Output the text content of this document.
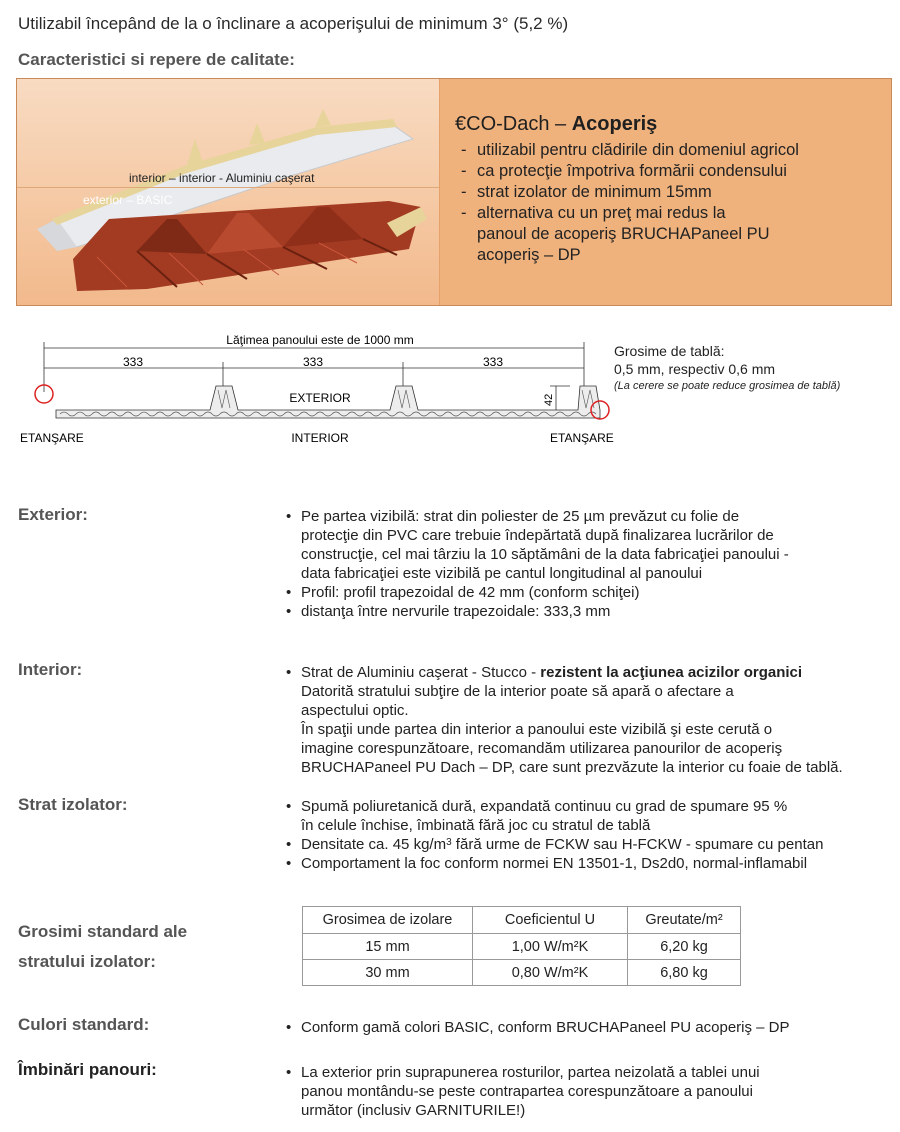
Utilizabil începând de la o înclinare a acoperişului de minimum 3° (5,2 %)
Caracteristici si repere de calitate:
interior – interior - Aluminiu caşerat
exterior – BASIC
€CO-Dach – Acoperiş
- utilizabil pentru clădirile din domeniul agricol
- ca protecţie împotriva formării condensului
- strat izolator de minimum 15mm
- alternativa cu un preţ mai redus la
panoul de acoperiş BRUCHAPaneel PU
acoperiş – DP
Lăţimea panoului este de 1000 mm
333	333	333
42
EXTERIOR
INTERIOR
ETANŞARE	ETANŞARE
Grosime de tablă:
0,5 mm, respectiv 0,6 mm
(La cerere se poate reduce grosimea de tablă)
Exterior:	• Pe partea vizibilă: strat din poliester de 25 µm prevăzut cu folie de
protecţie din PVC care trebuie îndepărtată după finalizarea lucrărilor de
construcţie, cel mai târziu la 10 săptămâni de la data fabricaţiei panoului -
data fabricaţiei este vizibilă pe cantul longitudinal al panoului
• Profil: profil trapezoidal de 42 mm (conform schiţei)
• distanţa între nervurile trapezoidale: 333,3 mm
Interior:	• Strat de Aluminiu caşerat - Stucco - rezistent la acţiunea acizilor organici
Datorită stratului subţire de la interior poate să apară o afectare a
aspectului optic.
În spaţii unde partea din interior a panoului este vizibilă şi este cerută o
imagine corespunzătoare, recomandăm utilizarea panourilor de acoperiş
BRUCHAPaneel PU Dach – DP, care sunt prezvăzute la interior cu foaie de tablă.
Strat izolator:	• Spumă poliuretanică dură, expandată continuu cu grad de spumare 95 %
în celule închise, îmbinată fără joc cu stratul de tablă
• Densitate ca. 45 $kg/m^3$ fără urme de FCKW sau H-FCKW - spumare cu pentan
• Comportament la foc conform normei EN 13501-1, Ds2d0, normal-inflamabil
Grosimi standard ale
stratului izolator:
Grosimea de izolare	Coeficientul U	Greutate/m²
15 mm	1,00 W/m²K	6,20 kg
30 mm	0,80 W/m²K	6,80 kg
Culori standard:	• Conform gamă colori BASIC, conform BRUCHAPaneel PU acoperiş – DP
Îmbinări panouri:	• La exterior prin suprapunerea rosturilor, partea neizolată a tablei unui
panou montându-se peste contrapartea corespunzătoare a panoului
următor (inclusiv GARNITURILE!)
